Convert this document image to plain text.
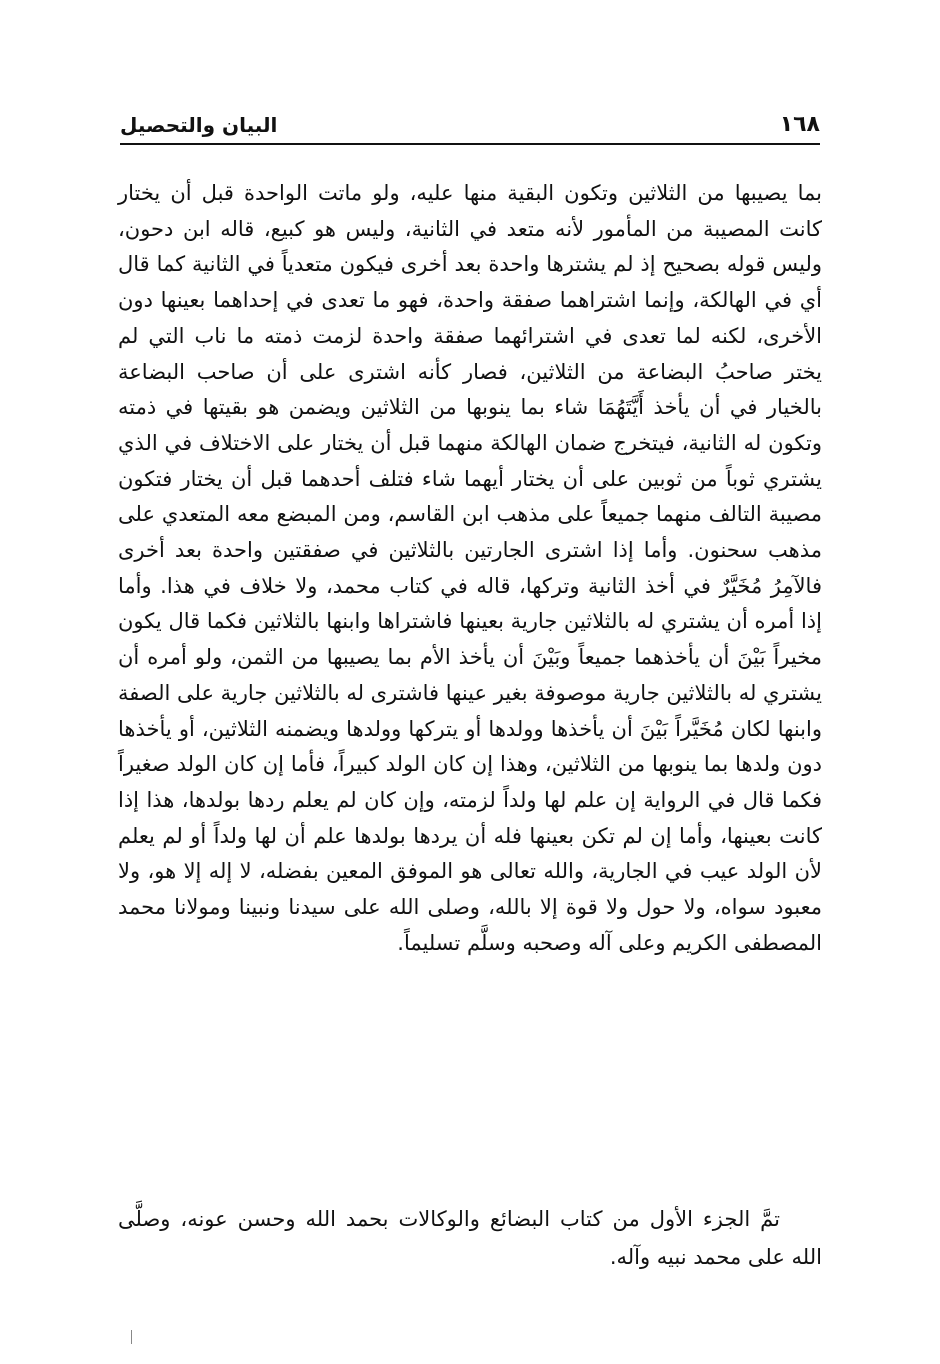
١٦٨
البيان والتحصيل

بما يصيبها من الثلاثين وتكون البقية منها عليه، ولو ماتت الواحدة قبل أن يختار كانت المصيبة من المأمور لأنه متعد في الثانية، وليس هو كبيع، قاله ابن دحون، وليس قوله بصحيح إذ لم يشترها واحدة بعد أخرى فيكون متعدياً في الثانية كما قال أي في الهالكة، وإنما اشتراهما صفقة واحدة، فهو ما تعدى في إحداهما بعينها دون الأخرى، لكنه لما تعدى في اشترائهما صفقة واحدة لزمت ذمته ما ناب التي لم يختر صاحبُ البضاعة من الثلاثين، فصار كأنه اشترى على أن صاحب البضاعة بالخيار في أن يأخذ أَيَّتَهُمَا شاء بما ينوبها من الثلاثين ويضمن هو بقيتها في ذمته وتكون له الثانية، فيتخرج ضمان الهالكة منهما قبل أن يختار على الاختلاف في الذي يشتري ثوباً من ثوبين على أن يختار أيهما شاء فتلف أحدهما قبل أن يختار فتكون مصيبة التالف منهما جميعاً على مذهب ابن القاسم، ومن المبضع معه المتعدي على مذهب سحنون. وأما إذا اشترى الجارتين بالثلاثين في صفقتين واحدة بعد أخرى فالآمِرُ مُخَيَّرٌ في أخذ الثانية وتركها، قاله في كتاب محمد، ولا خلاف في هذا. وأما إذا أمره أن يشتري له بالثلاثين جارية بعينها فاشتراها وابنها بالثلاثين فكما قال يكون مخيراً بَيْنَ أن يأخذهما جميعاً وبَيْنَ أن يأخذ الأم بما يصيبها من الثمن، ولو أمره أن يشتري له بالثلاثين جارية موصوفة بغير عينها فاشترى له بالثلاثين جارية على الصفة وابنها لكان مُخَيَّراً بَيْنَ أن يأخذها وولدها أو يتركها وولدها ويضمنه الثلاثين، أو يأخذها دون ولدها بما ينوبها من الثلاثين، وهذا إن كان الولد كبيراً، فأما إن كان الولد صغيراً فكما قال في الرواية إن علم لها ولداً لزمته، وإن كان لم يعلم ردها بولدها، هذا إذا كانت بعينها، وأما إن لم تكن بعينها فله أن يردها بولدها علم أن لها ولداً أو لم يعلم لأن الولد عيب في الجارية، والله تعالى هو الموفق المعين بفضله، لا إله إلا هو، ولا معبود سواه، ولا حول ولا قوة إلا بالله، وصلى الله على سيدنا ونبينا ومولانا محمد المصطفى الكريم وعلى آله وصحبه وسلَّم تسليماً.

تمَّ الجزء الأول من كتاب البضائع والوكالات بحمد الله وحسن عونه، وصلَّى الله على محمد نبيه وآله.
